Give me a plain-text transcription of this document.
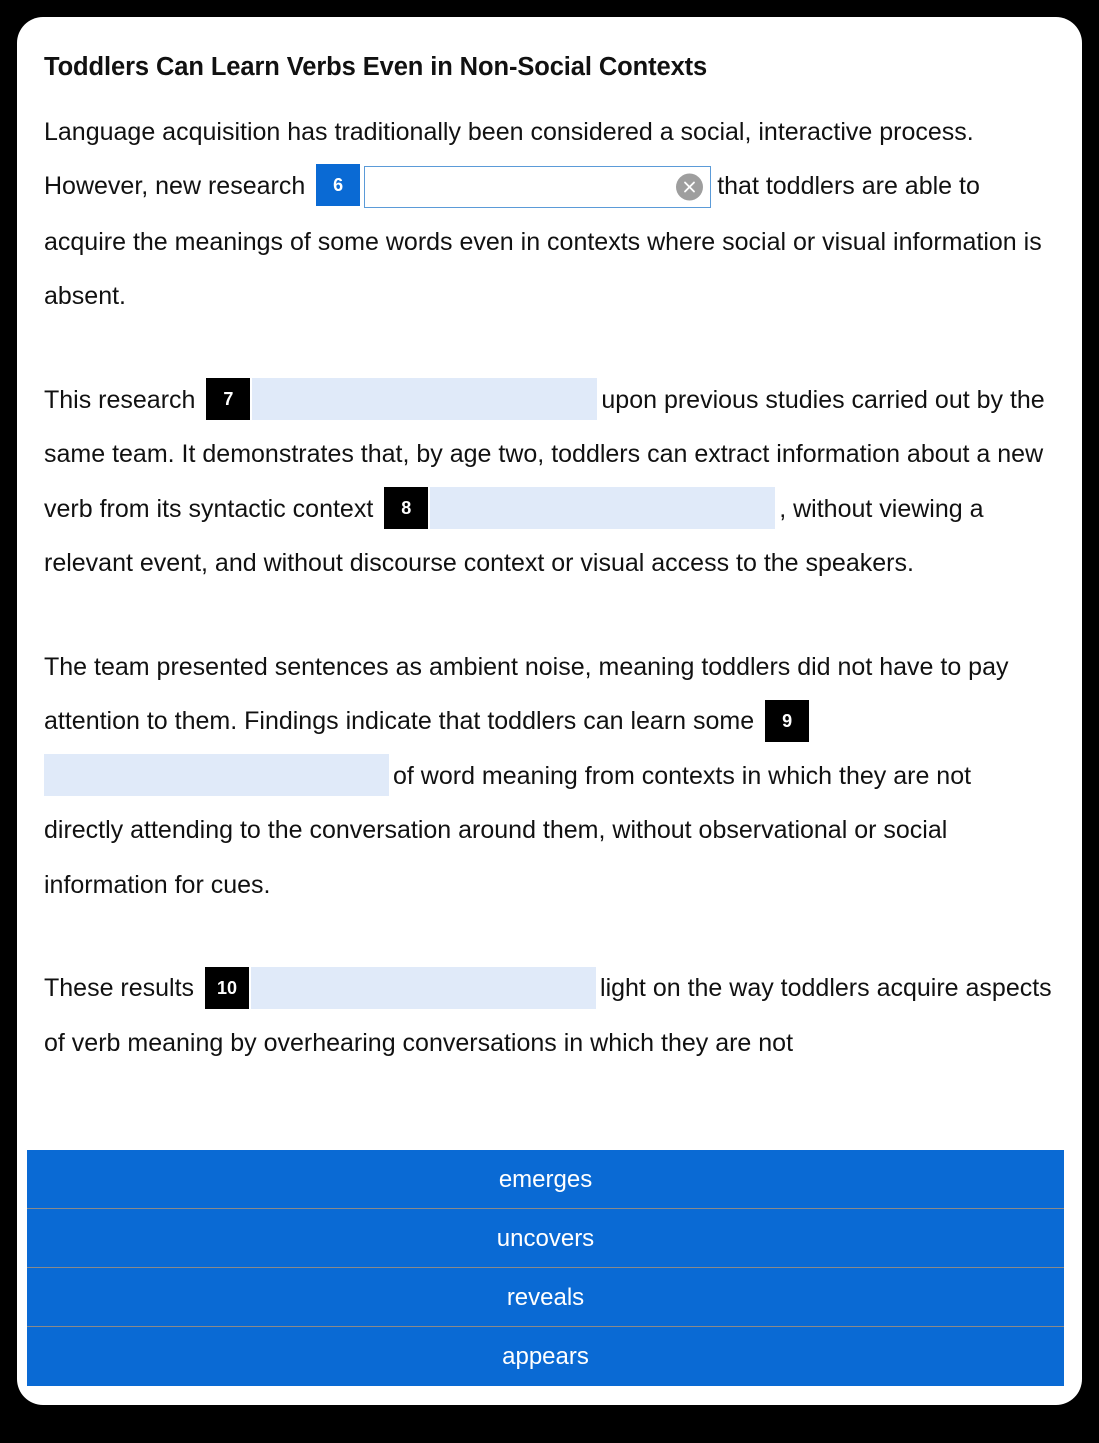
Toddlers Can Learn Verbs Even in Non-Social Contexts

Language acquisition has traditionally been considered a social, interactive process. However, new research 6	that toddlers are able to acquire the meanings of some words even in contexts where social or visual information is absent.

This research 7	upon previous studies carried out by the same team. It demonstrates that, by age two, toddlers can extract information about a new verb from its syntactic context 8	, without viewing a relevant event, and without discourse context or visual access to the speakers.

The team presented sentences as ambient noise, meaning toddlers did not have to pay attention to them. Findings indicate that toddlers can learn some 9of word meaning from contexts in which they are not directly attending to the conversation around them, without observational or social information for cues.

These results 10	light on the way toddlers acquire aspects of verb meaning by overhearing conversations in which they are not

emerges
uncovers
reveals
appears
